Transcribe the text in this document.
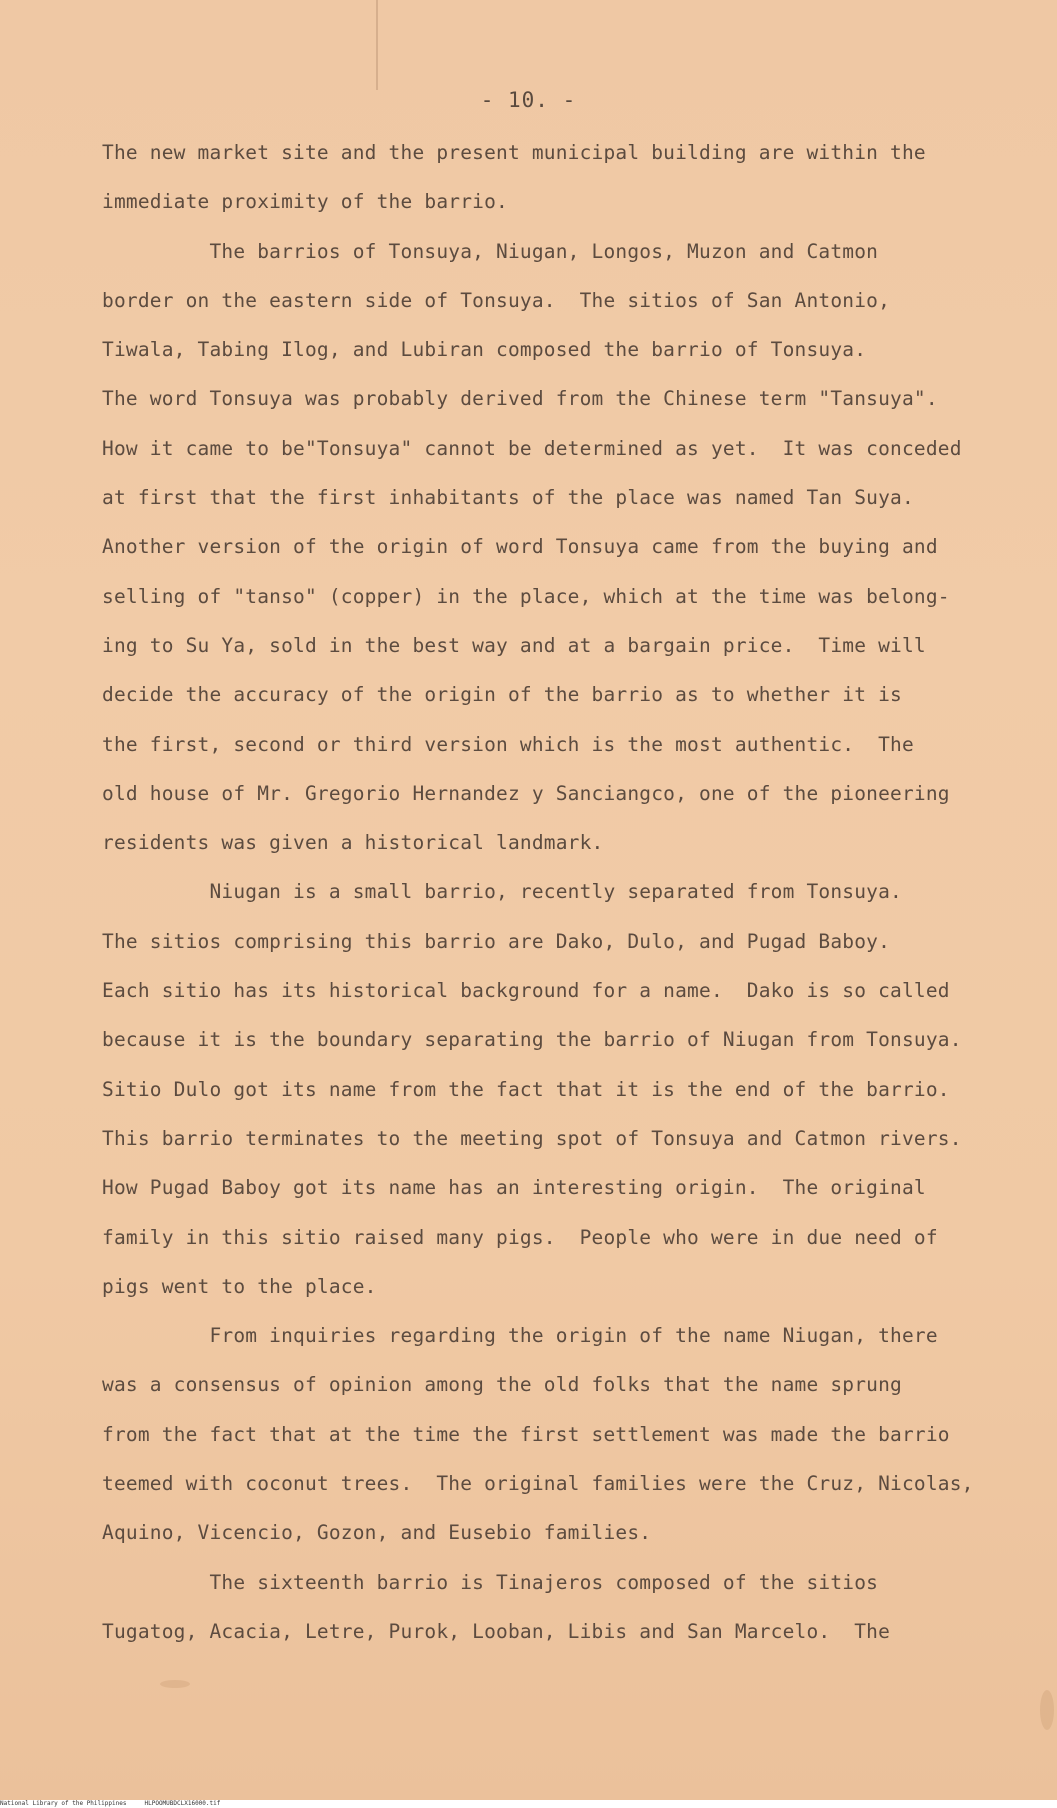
- 10. -
The new market site and the present municipal building are within the
immediate proximity of the barrio.
The barrios of Tonsuya, Niugan, Longos, Muzon and Catmon
border on the eastern side of Tonsuya.  The sitios of San Antonio,
Tiwala, Tabing Ilog, and Lubiran composed the barrio of Tonsuya.
The word Tonsuya was probably derived from the Chinese term "Tansuya".
How it came to be"Tonsuya" cannot be determined as yet.  It was conceded
at first that the first inhabitants of the place was named Tan Suya.
Another version of the origin of word Tonsuya came from the buying and
selling of "tanso" (copper) in the place, which at the time was belong-
ing to Su Ya, sold in the best way and at a bargain price.  Time will
decide the accuracy of the origin of the barrio as to whether it is
the first, second or third version which is the most authentic.  The
old house of Mr. Gregorio Hernandez y Sanciangco, one of the pioneering
residents was given a historical landmark.
Niugan is a small barrio, recently separated from Tonsuya.
The sitios comprising this barrio are Dako, Dulo, and Pugad Baboy.
Each sitio has its historical background for a name.  Dako is so called
because it is the boundary separating the barrio of Niugan from Tonsuya.
Sitio Dulo got its name from the fact that it is the end of the barrio.
This barrio terminates to the meeting spot of Tonsuya and Catmon rivers.
How Pugad Baboy got its name has an interesting origin.  The original
family in this sitio raised many pigs.  People who were in due need of
pigs went to the place.
From inquiries regarding the origin of the name Niugan, there
was a consensus of opinion among the old folks that the name sprung
from the fact that at the time the first settlement was made the barrio
teemed with coconut trees.  The original families were the Cruz, Nicolas,
Aquino, Vicencio, Gozon, and Eusebio families.
The sixteenth barrio is Tinajeros composed of the sitios
Tugatog, Acacia, Letre, Purok, Looban, Libis and San Marcelo.  The
National Library of the Philippines	HLPOOMUBDCLX16000.tif
